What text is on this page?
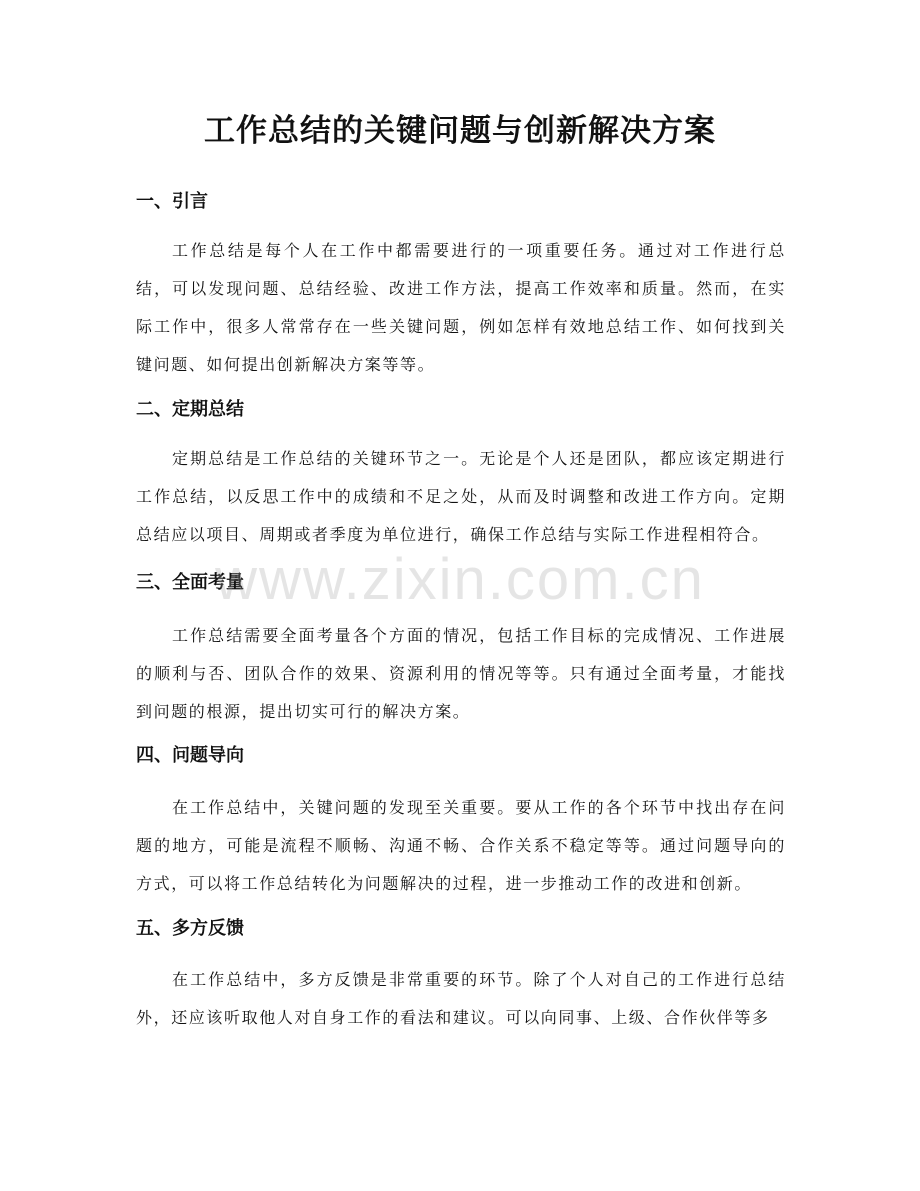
工作总结的关键问题与创新解决方案
一、引言

工作总结是每个人在工作中都需要进行的一项重要任务。通过对工作进行总结，可以发现问题、总结经验、改进工作方法，提高工作效率和质量。然而，在实际工作中，很多人常常存在一些关键问题，例如怎样有效地总结工作、如何找到关键问题、如何提出创新解决方案等等。

二、定期总结

定期总结是工作总结的关键环节之一。无论是个人还是团队，都应该定期进行工作总结，以反思工作中的成绩和不足之处，从而及时调整和改进工作方向。定期总结应以项目、周期或者季度为单位进行，确保工作总结与实际工作进程相符合。

三、全面考量

工作总结需要全面考量各个方面的情况，包括工作目标的完成情况、工作进展的顺利与否、团队合作的效果、资源利用的情况等等。只有通过全面考量，才能找到问题的根源，提出切实可行的解决方案。

四、问题导向

在工作总结中，关键问题的发现至关重要。要从工作的各个环节中找出存在问题的地方，可能是流程不顺畅、沟通不畅、合作关系不稳定等等。通过问题导向的方式，可以将工作总结转化为问题解决的过程，进一步推动工作的改进和创新。

五、多方反馈

在工作总结中，多方反馈是非常重要的环节。除了个人对自己的工作进行总结外，还应该听取他人对自身工作的看法和建议。可以向同事、上级、合作伙伴等多

www.zixin.com.cn
